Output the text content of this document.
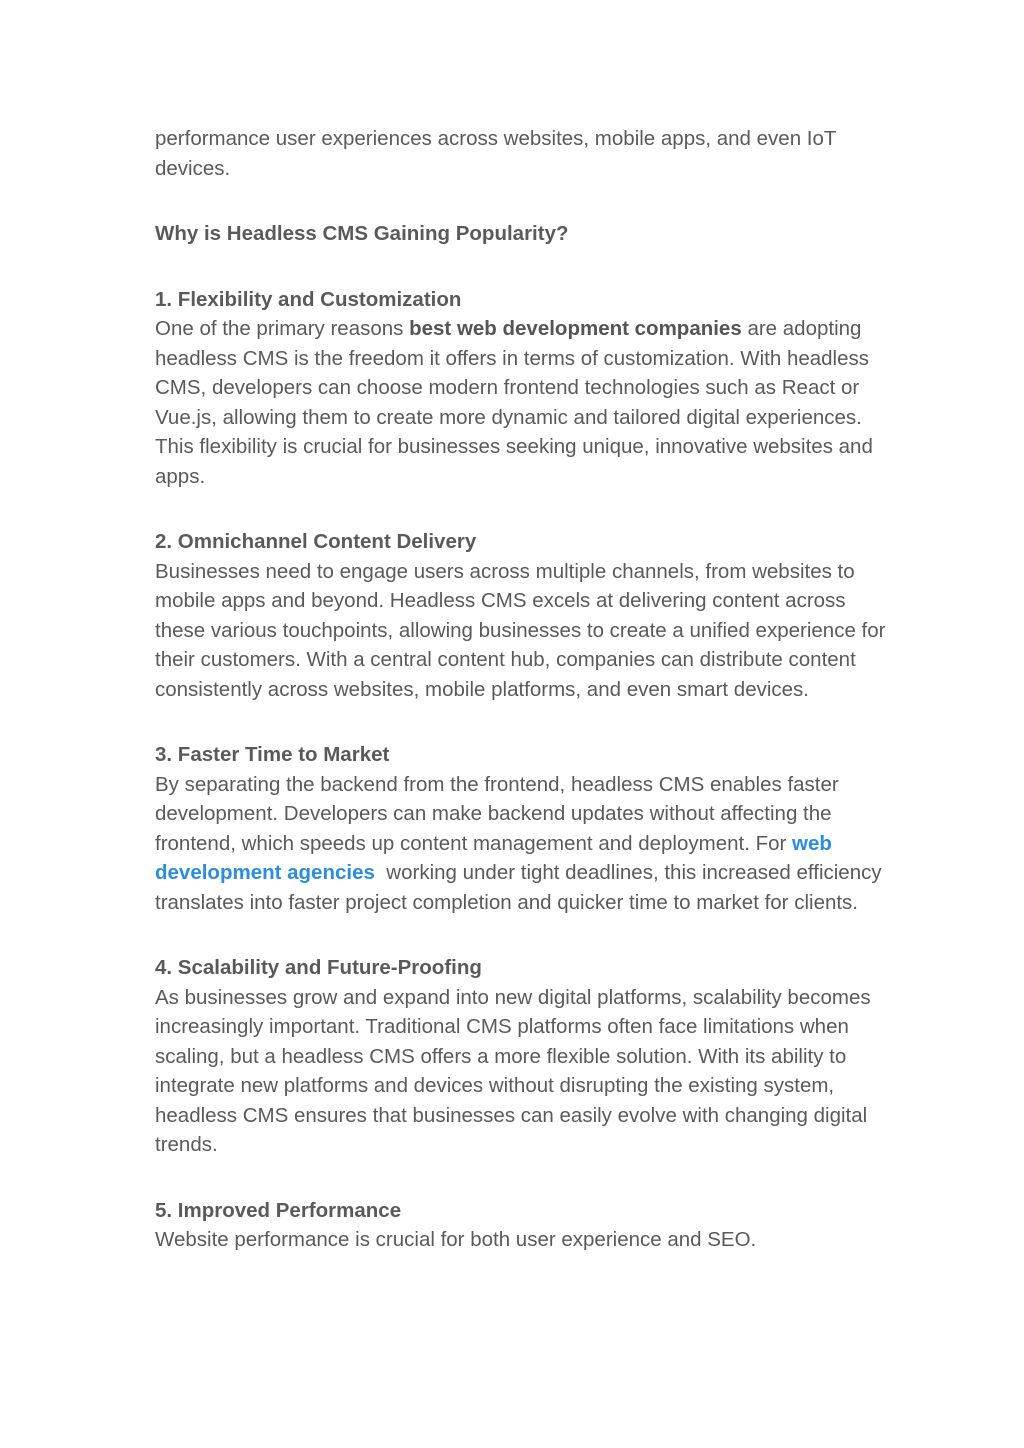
performance user experiences across websites, mobile apps, and even IoT devices.

Why is Headless CMS Gaining Popularity?

1. Flexibility and Customization

One of the primary reasons best web development companies are adopting headless CMS is the freedom it offers in terms of customization. With headless CMS, developers can choose modern frontend technologies such as React or Vue.js, allowing them to create more dynamic and tailored digital experiences. This flexibility is crucial for businesses seeking unique, innovative websites and apps.

2. Omnichannel Content Delivery

Businesses need to engage users across multiple channels, from websites to mobile apps and beyond. Headless CMS excels at delivering content across these various touchpoints, allowing businesses to create a unified experience for their customers. With a central content hub, companies can distribute content consistently across websites, mobile platforms, and even smart devices.

3. Faster Time to Market

By separating the backend from the frontend, headless CMS enables faster development. Developers can make backend updates without affecting the frontend, which speeds up content management and deployment. For web development agencies  working under tight deadlines, this increased efficiency translates into faster project completion and quicker time to market for clients.

4. Scalability and Future-Proofing

As businesses grow and expand into new digital platforms, scalability becomes increasingly important. Traditional CMS platforms often face limitations when scaling, but a headless CMS offers a more flexible solution. With its ability to integrate new platforms and devices without disrupting the existing system, headless CMS ensures that businesses can easily evolve with changing digital trends.

5. Improved Performance

Website performance is crucial for both user experience and SEO.
